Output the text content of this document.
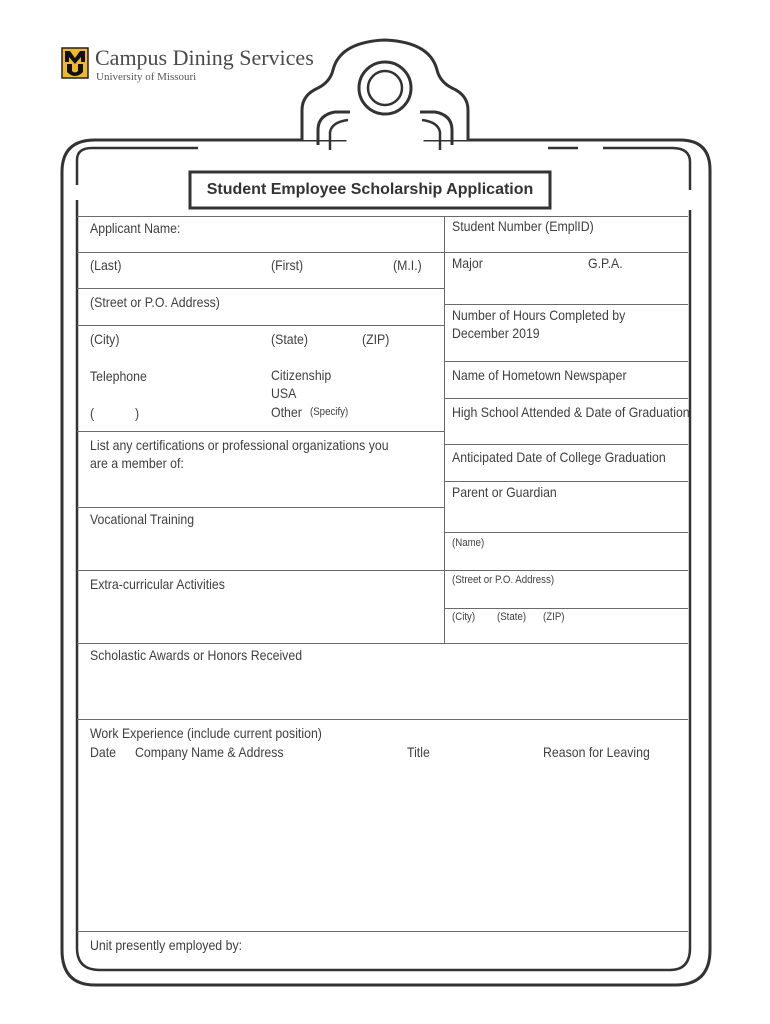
Campus Dining Services
University of Missouri
Student Employee Scholarship Application
Applicant Name:
(Last)	(First)	(M.I.)
(Street or P.O. Address)
(City)	(State)	(ZIP)
Telephone
(	)
Citizenship
USA
Other (Specify)
List any certifications or professional organizations you
are a member of:
Vocational Training
Extra-curricular Activities
Student Number (EmplID)
Major	G.P.A.
Number of Hours Completed by
December 2019
Name of Hometown Newspaper
High School Attended & Date of Graduation
Anticipated Date of College Graduation
Parent or Guardian
(Name)
(Street or P.O. Address)
(City) (State) (ZIP)
Scholastic Awards or Honors Received
Work Experience (include current position)
Date Company Name & Address	Title	Reason for Leaving
Unit presently employed by:
